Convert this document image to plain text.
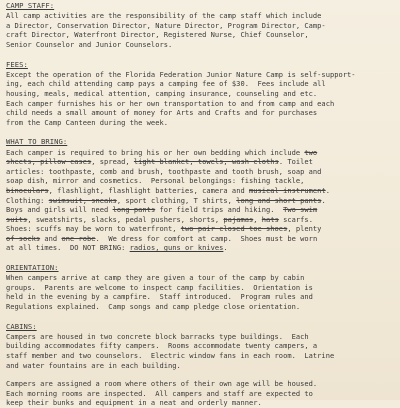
CAMP STAFF:
All camp activities are the responsibility of the camp staff which include
a Director, Conservation Director, Nature Director, Program Director, Camp-
craft Director, Waterfront Director, Registered Nurse, Chief Counselor,
Senior Counselor and Junior Counselors.
FEES:
Except the operation of the Florida Federation Junior Nature Camp is self-support-
ing, each child attending camp pays a camping fee of $30.  Fees include all
housing, meals, medical attention, camping insurance, counseling and etc.
Each camper furnishes his or her own transportation to and from camp and each
child needs a small amount of money for Arts and Crafts and for purchases
from the Camp Canteen during the week.
WHAT TO BRING:
Each camper is required to bring his or her own bedding which include two
sheets, pillow cases, spread, light blanket, towels, wash cloths. Toilet
articles: toothpaste, comb and brush, toothpaste and tooth brush, soap and
soap dish, mirror and cosmetics.  Personal belongings: fishing tackle,
binoculars, flashlight, flashlight batteries, camera and musical instrument.
Clothing: swimsuit, sneaks, sport clothing, T shirts, long and short pants.
Boys and girls will need long pants for field trips and hiking.  Two swim
suits, sweatshirts, slacks, pedal pushers, shorts, pajamas, hats scarfs.
Shoes: scuffs may be worn to waterfront, two pair closed toe shoes, plenty
of socks and one robe.  We dress for comfort at camp.  Shoes must be worn
at all times.  DO NOT BRING: radios, guns or knives.
ORIENTATION:
When campers arrive at camp they are given a tour of the camp by cabin
groups.  Parents are welcome to inspect camp facilities.  Orientation is
held in the evening by a campfire.  Staff introduced.  Program rules and
Regulations explained.  Camp songs and camp pledge close orientation.
CABINS:
Campers are housed in two concrete block barracks type buildings.  Each
building accommodates fifty campers.  Rooms accommodate twenty campers, a
staff member and two counselors.  Electric window fans in each room.  Latrine
and water fountains are in each building.
Campers are assigned a room where others of their own age will be housed.
Each morning rooms are inspected.  All campers and staff are expected to
keep their bunks and equipment in a neat and orderly manner.
